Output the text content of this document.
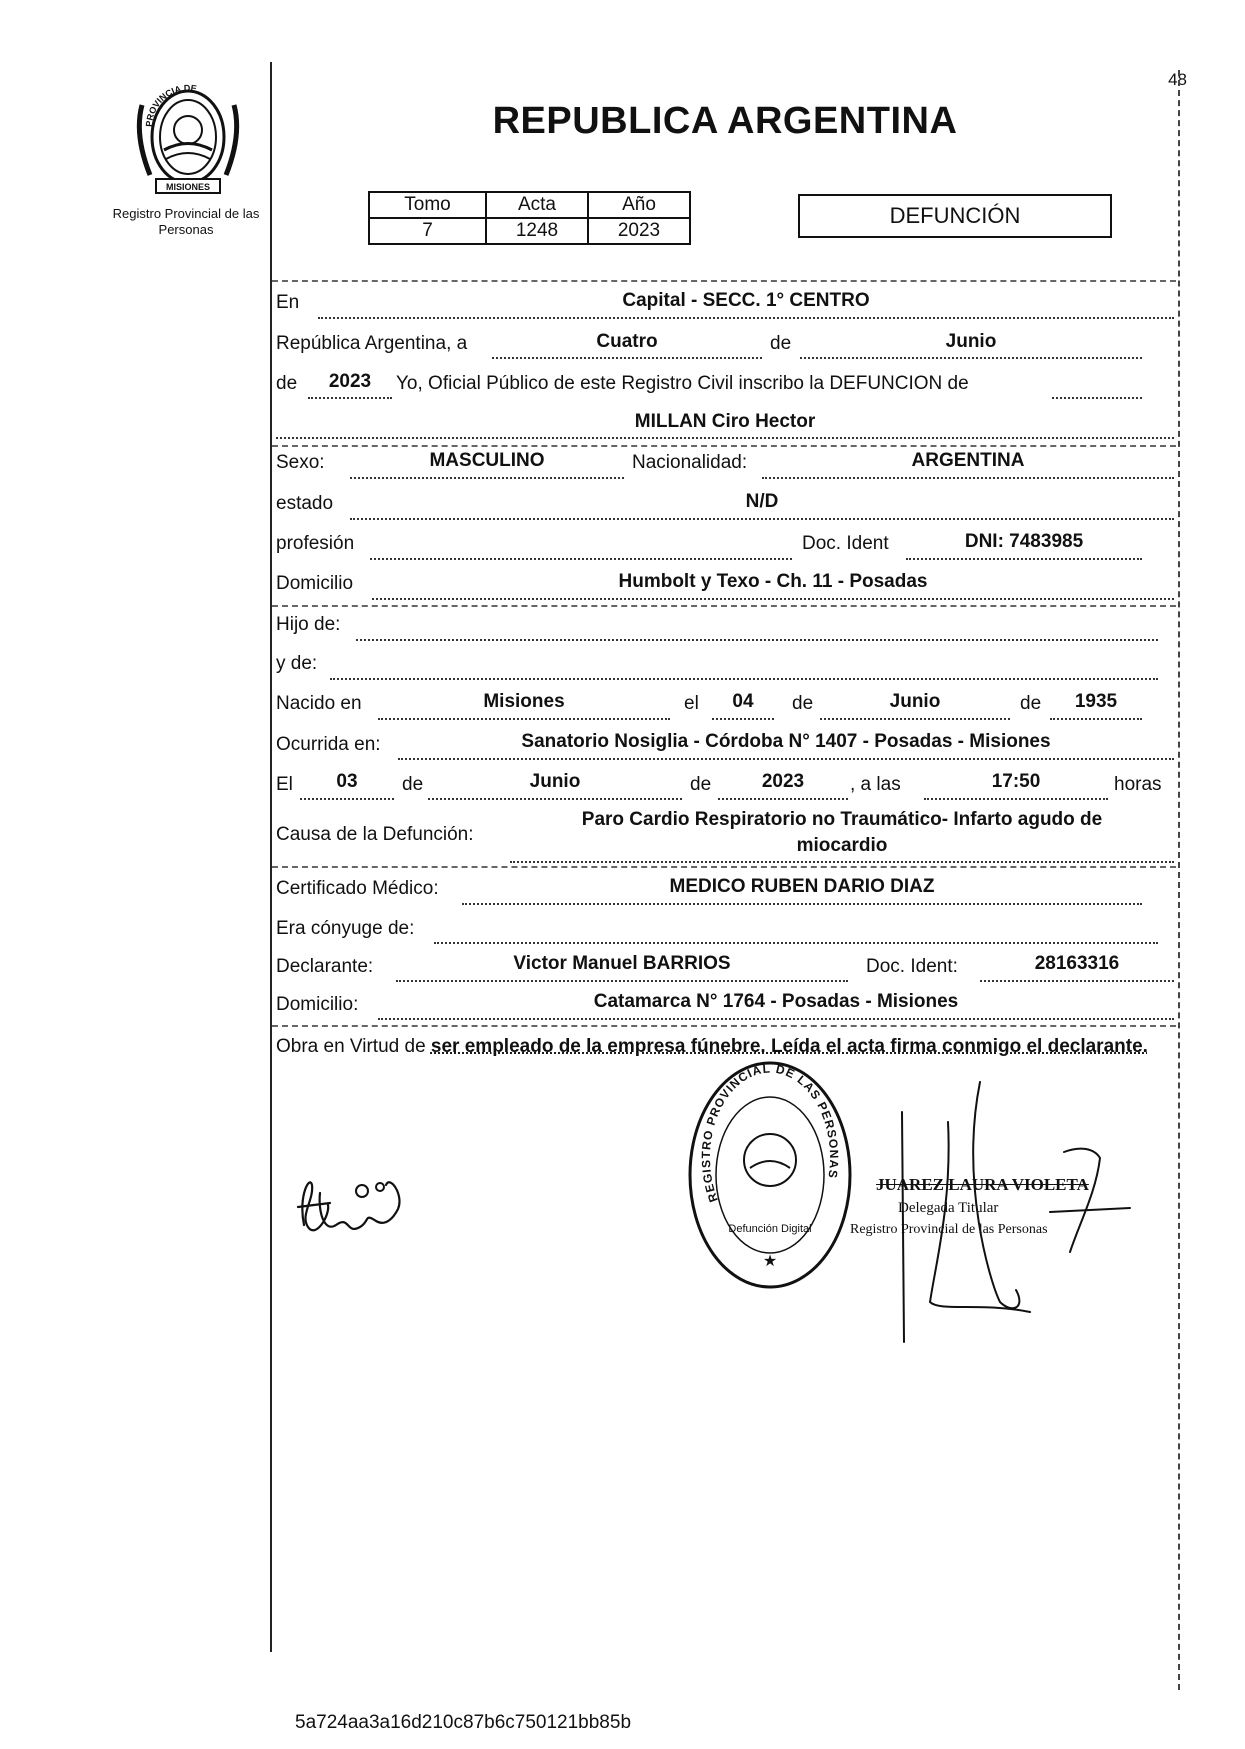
48
PROVINCIA DE
MISIONES
Registro Provincial de las Personas
REPUBLICA ARGENTINA
Tomo	Acta	Año
7	1248	2023
DEFUNCIÓN
En	Capital - SECC. 1° CENTRO
República Argentina, a	Cuatro	de	Junio
de	2023	Yo, Oficial Público de este Registro Civil inscribo la DEFUNCION de
MILLAN Ciro Hector
Sexo:	MASCULINO	Nacionalidad:	ARGENTINA
estado	N/D
profesión	Doc. Ident	DNI: 7483985
Domicilio	Humbolt y Texo - Ch. 11 - Posadas
Hijo de:
y de:
Nacido en	Misiones	el	04	de	Junio	de	1935
Ocurrida en:	Sanatorio Nosiglia - Córdoba N° 1407 - Posadas - Misiones
El	03	de	Junio	de	2023	, a las	17:50	horas
Causa de la Defunción:
Paro Cardio Respiratorio no Traumático- Infarto agudo de
miocardio
Certificado Médico:	MEDICO RUBEN DARIO DIAZ
Era cónyuge de:
Declarante:	Victor Manuel BARRIOS	Doc. Ident:	28163316
Domicilio:	Catamarca N° 1764 - Posadas - Misiones
Obra en Virtud de ser empleado de la empresa fúnebre. Leída el acta firma conmigo el declarante.
REGISTRO PROVINCIAL DE LAS PERSONAS
Defunción Digital
★
JUAREZ LAURA VIOLETA
Delegada Titular
Registro Provincial de las Personas
5a724aa3a16d210c87b6c750121bb85b
